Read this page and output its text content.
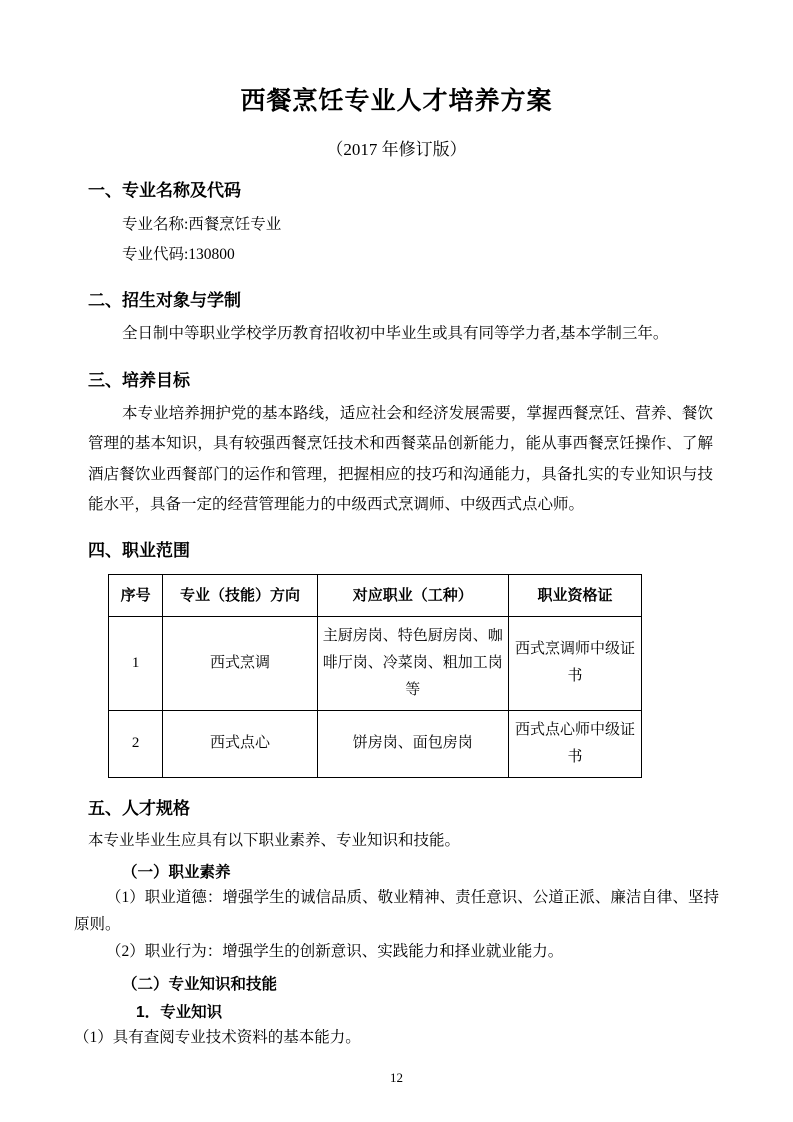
西餐烹饪专业人才培养方案
（2017 年修订版）
一、专业名称及代码

专业名称:西餐烹饪专业

专业代码:130800

二、招生对象与学制

全日制中等职业学校学历教育招收初中毕业生或具有同等学力者,基本学制三年。

三、培养目标

本专业培养拥护党的基本路线，适应社会和经济发展需要，掌握西餐烹饪、营养、餐饮管理的基本知识，具有较强西餐烹饪技术和西餐菜品创新能力，能从事西餐烹饪操作、了解酒店餐饮业西餐部门的运作和管理，把握相应的技巧和沟通能力，具备扎实的专业知识与技能水平，具备一定的经营管理能力的中级西式烹调师、中级西式点心师。

四、职业范围
序号	专业（技能）方向	对应职业（工种）	职业资格证
1	西式烹调	主厨房岗、特色厨房岗、咖啡厅岗、冷菜岗、粗加工岗等	西式烹调师中级证书
2	西式点心	饼房岗、面包房岗	西式点心师中级证书
五、人才规格

本专业毕业生应具有以下职业素养、专业知识和技能。

（一）职业素养

（1）职业道德：增强学生的诚信品质、敬业精神、责任意识、公道正派、廉洁自律、坚持原则。

（2）职业行为：增强学生的创新意识、实践能力和择业就业能力。

（二）专业知识和技能
1．专业知识

（1）具有查阅专业技术资料的基本能力。

12
